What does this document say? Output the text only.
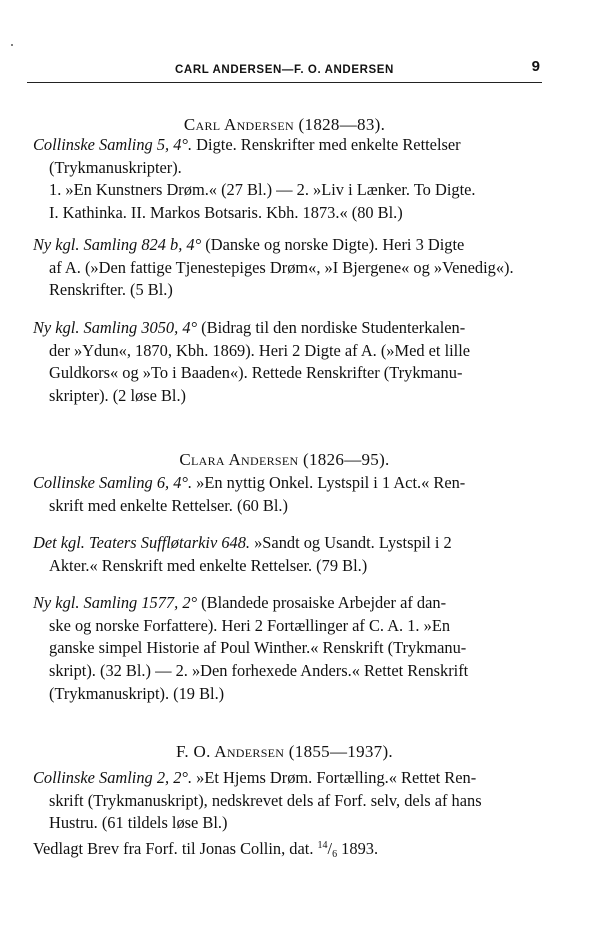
CARL ANDERSEN—F. O. ANDERSEN	9
Carl Andersen (1828—83).
Collinske Samling 5, 4°. Digte. Renskrifter med enkelte Rettelser
(Trykmanuskripter).
1. »En Kunstners Drøm.« (27 Bl.) — 2. »Liv i Lænker. To Digte.
I. Kathinka. II. Markos Botsaris. Kbh. 1873.« (80 Bl.)
Ny kgl. Samling 824 b, 4° (Danske og norske Digte). Heri 3 Digte
af A. (»Den fattige Tjenestepiges Drøm«, »I Bjergene« og »Venedig«).
Renskrifter. (5 Bl.)
Ny kgl. Samling 3050, 4° (Bidrag til den nordiske Studenterkalen-
der »Ydun«, 1870, Kbh. 1869). Heri 2 Digte af A. (»Med et lille
Guldkors« og »To i Baaden«). Rettede Renskrifter (Trykmanu-
skripter). (2 løse Bl.)
Clara Andersen (1826—95).
Collinske Samling 6, 4°. »En nyttig Onkel. Lystspil i 1 Act.« Ren-
skrift med enkelte Rettelser. (60 Bl.)
Det kgl. Teaters Suffløtarkiv 648. »Sandt og Usandt. Lystspil i 2
Akter.« Renskrift med enkelte Rettelser. (79 Bl.)
Ny kgl. Samling 1577, 2° (Blandede prosaiske Arbejder af dan-
ske og norske Forfattere). Heri 2 Fortællinger af C. A. 1. »En
ganske simpel Historie af Poul Winther.« Renskrift (Trykmanu-
skript). (32 Bl.) — 2. »Den forhexede Anders.« Rettet Renskrift
(Trykmanuskript). (19 Bl.)
F. O. Andersen (1855—1937).
Collinske Samling 2, 2°. »Et Hjems Drøm. Fortælling.« Rettet Ren-
skrift (Trykmanuskript), nedskrevet dels af Forf. selv, dels af hans
Hustru. (61 tildels løse Bl.)
Vedlagt Brev fra Forf. til Jonas Collin, dat. $^{14}/_6$ 1893.
